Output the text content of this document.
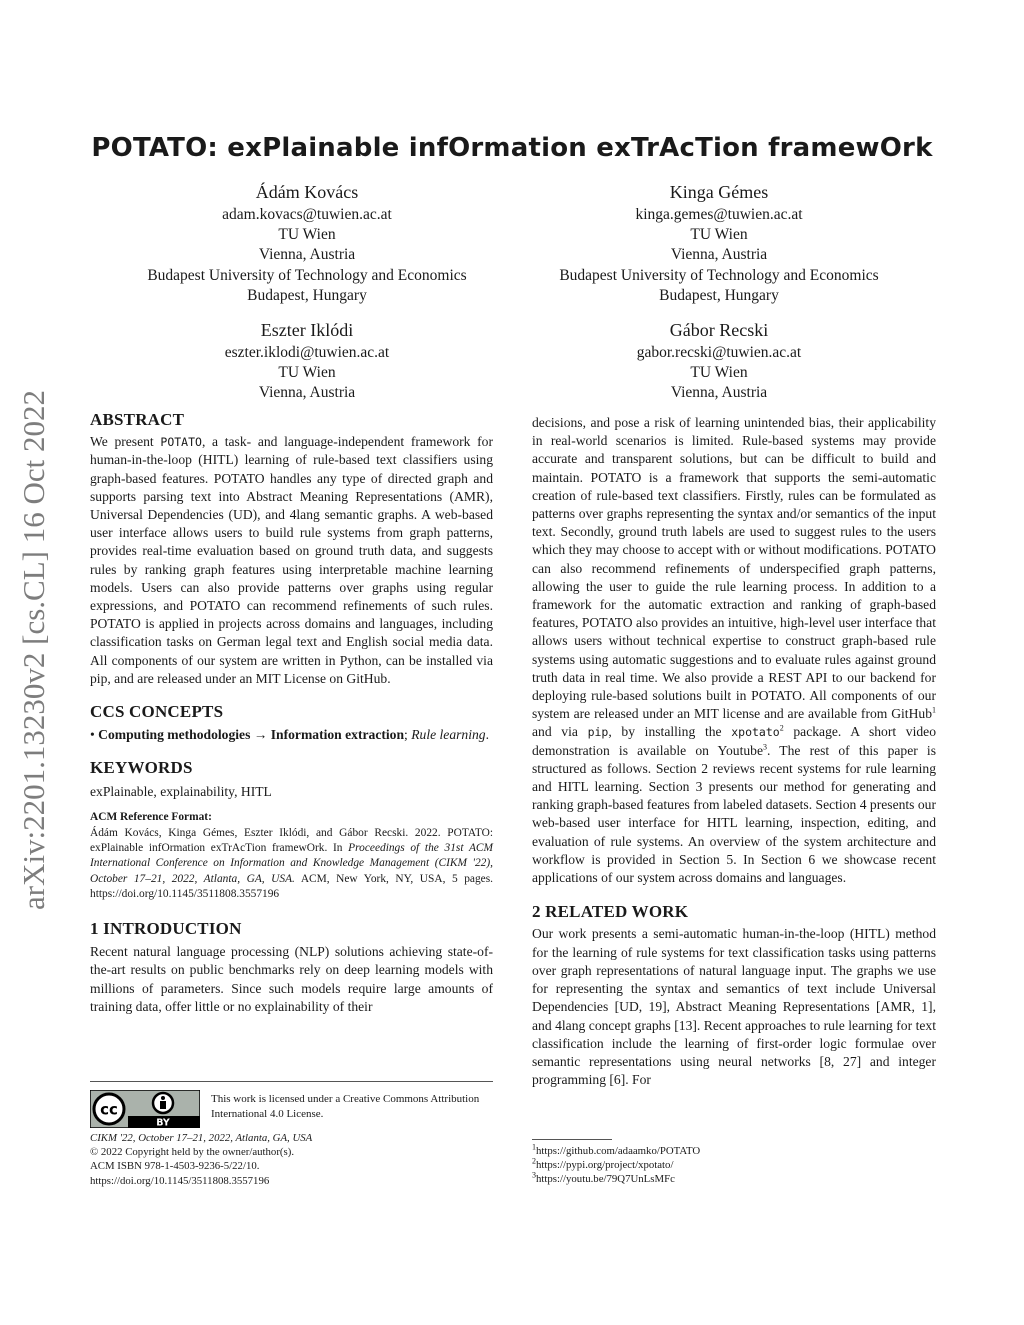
arXiv:2201.13230v2 [cs.CL] 16 Oct 2022
POTATO: exPlainable infOrmation exTrAcTion framewOrk
Ádám Kovács
adam.kovacs@tuwien.ac.at
TU Wien
Vienna, Austria
Budapest University of Technology and Economics
Budapest, Hungary
Kinga Gémes
kinga.gemes@tuwien.ac.at
TU Wien
Vienna, Austria
Budapest University of Technology and Economics
Budapest, Hungary
Eszter Iklódi
eszter.iklodi@tuwien.ac.at
TU Wien
Vienna, Austria
Gábor Recski
gabor.recski@tuwien.ac.at
TU Wien
Vienna, Austria
ABSTRACT

We present POTATO, a task- and language-independent framework for human-in-the-loop (HITL) learning of rule-based text classifiers using graph-based features. POTATO handles any type of directed graph and supports parsing text into Abstract Meaning Representations (AMR), Universal Dependencies (UD), and 4lang semantic graphs. A web-based user interface allows users to build rule systems from graph patterns, provides real-time evaluation based on ground truth data, and suggests rules by ranking graph features using interpretable machine learning models. Users can also provide patterns over graphs using regular expressions, and POTATO can recommend refinements of such rules. POTATO is applied in projects across domains and languages, including classification tasks on German legal text and English social media data. All components of our system are written in Python, can be installed via pip, and are released under an MIT License on GitHub.

CCS CONCEPTS

• Computing methodologies → Information extraction; Rule learning.

KEYWORDS

exPlainable, explainability, HITL

ACM Reference Format:

Ádám Kovács, Kinga Gémes, Eszter Iklódi, and Gábor Recski. 2022. POTATO: exPlainable infOrmation exTrAcTion framewOrk. In Proceedings of the 31st ACM International Conference on Information and Knowledge Management (CIKM '22), October 17–21, 2022, Atlanta, GA, USA. ACM, New York, NY, USA, 5 pages. https://doi.org/10.1145/3511808.3557196

1 INTRODUCTION

Recent natural language processing (NLP) solutions achieving state-of-the-art results on public benchmarks rely on deep learning models with millions of parameters. Since such models require large amounts of training data, offer little or no explainability of their

cc
BY
This work is licensed under a Creative Commons Attribution International 4.0 License.
CIKM '22, October 17–21, 2022, Atlanta, GA, USA
© 2022 Copyright held by the owner/author(s).
ACM ISBN 978-1-4503-9236-5/22/10.
https://doi.org/10.1145/3511808.3557196

decisions, and pose a risk of learning unintended bias, their applicability in real-world scenarios is limited. Rule-based systems may provide accurate and transparent solutions, but can be difficult to build and maintain. POTATO is a framework that supports the semi-automatic creation of rule-based text classifiers. Firstly, rules can be formulated as patterns over graphs representing the syntax and/or semantics of the input text. Secondly, ground truth labels are used to suggest rules to the users which they may choose to accept with or without modifications. POTATO can also recommend refinements of underspecified graph patterns, allowing the user to guide the rule learning process. In addition to a framework for the automatic extraction and ranking of graph-based features, POTATO also provides an intuitive, high-level user interface that allows users without technical expertise to construct graph-based rule systems using automatic suggestions and to evaluate rules against ground truth data in real time. We also provide a REST API to our backend for deploying rule-based solutions built in POTATO. All components of our system are released under an MIT license and are available from GitHub$^1$ and via pip, by installing the xpotato$^2$ package. A short video demonstration is available on Youtube$^3$. The rest of this paper is structured as follows. Section 2 reviews recent systems for rule learning and HITL learning. Section 3 presents our method for generating and ranking graph-based features from labeled datasets. Section 4 presents our web-based user interface for HITL learning, inspection, editing, and evaluation of rule systems. An overview of the system architecture and workflow is provided in Section 5. In Section 6 we showcase recent applications of our system across domains and languages.

2 RELATED WORK

Our work presents a semi-automatic human-in-the-loop (HITL) method for the learning of rule systems for text classification tasks using patterns over graph representations of natural language input. The graphs we use for representing the syntax and semantics of text include Universal Dependencies [UD, 19], Abstract Meaning Representations [AMR, 1], and 4lang concept graphs [13]. Recent approaches to rule learning for text classification include the learning of first-order logic formulae over semantic representations using neural networks [8, 27] and integer programming [6]. For

$^1$https://github.com/adaamko/POTATO
$^2$https://pypi.org/project/xpotato/
$^3$https://youtu.be/79Q7UnLsMFc
